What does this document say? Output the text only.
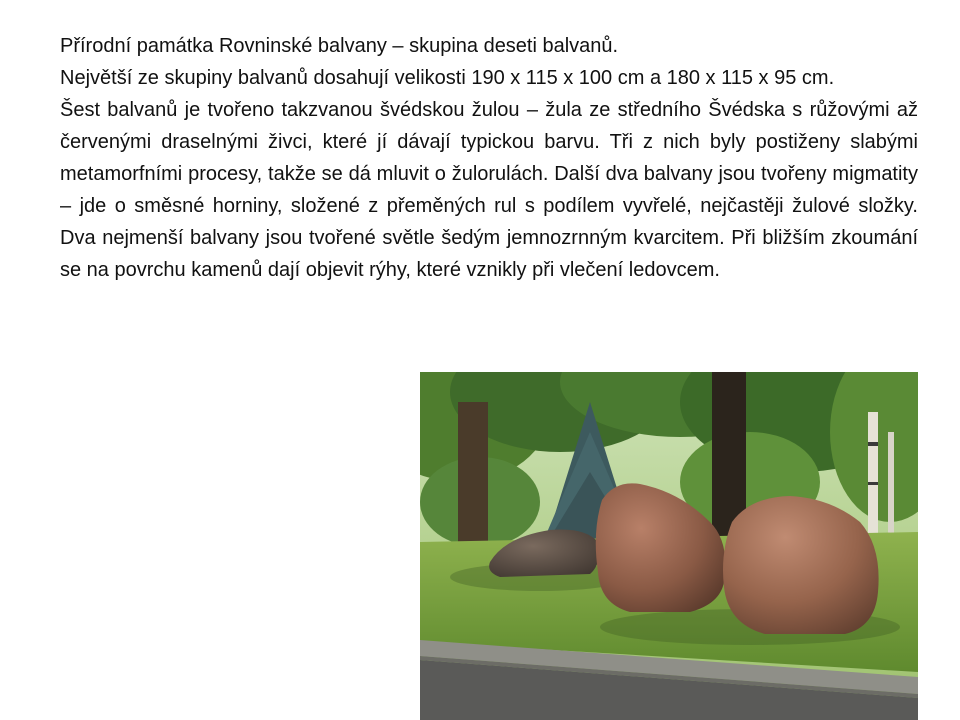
Přírodní památka Rovninské balvany – skupina deseti balvanů.

Největší ze skupiny balvanů dosahují velikosti 190 x 115 x 100 cm a 180 x 115 x 95 cm.

Šest balvanů je tvořeno takzvanou švédskou žulou – žula ze středního Švédska s růžovými až červenými draselnými živci, které jí dávají typickou barvu. Tři z nich byly postiženy slabými metamorfními procesy, takže se dá mluvit o žulorulách. Další dva balvany jsou tvořeny migmatity – jde o směsné horniny, složené z přeměných rul s podílem vyvřelé, nejčastěji žulové složky. Dva nejmenší balvany jsou tvořené světle šedým jemnozrnným kvarcitem. Při bližším zkoumání se na povrchu kamenů dají objevit rýhy, které vznikly při vlečení ledovcem.
